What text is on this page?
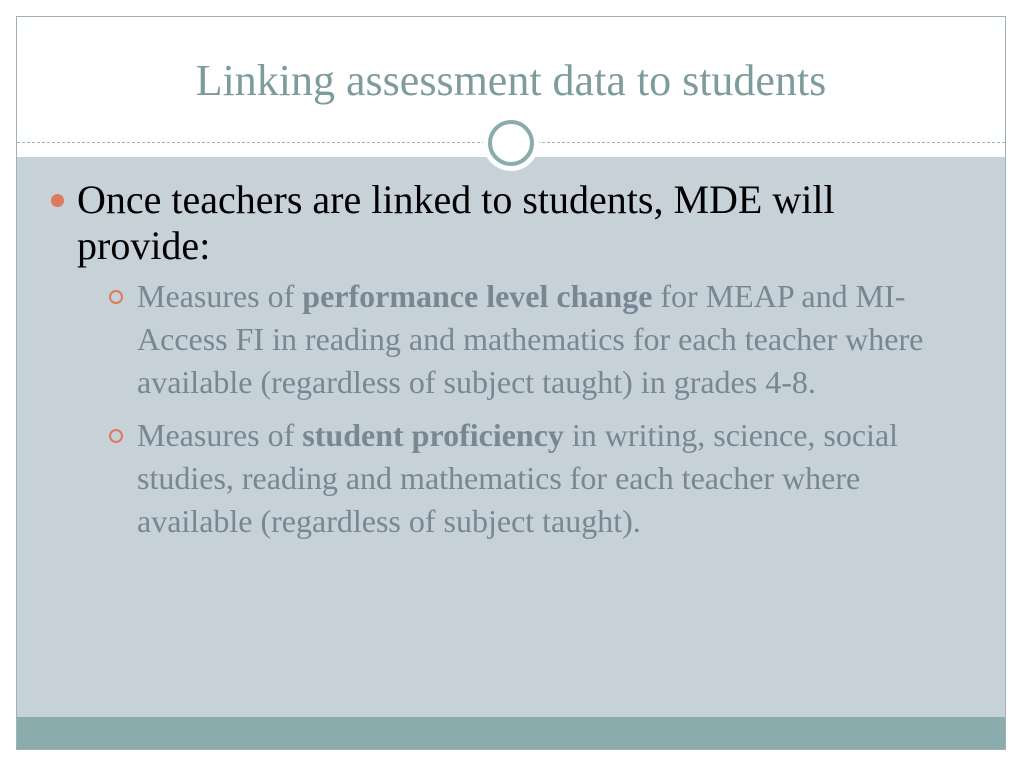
Linking assessment data to students
Once teachers are linked to students, MDE will provide:
Measures of performance level change for MEAP and MI-Access FI in reading and mathematics for each teacher where available (regardless of subject taught) in grades 4-8.
Measures of student proficiency in writing, science, social studies, reading and mathematics for each teacher where available (regardless of subject taught).
